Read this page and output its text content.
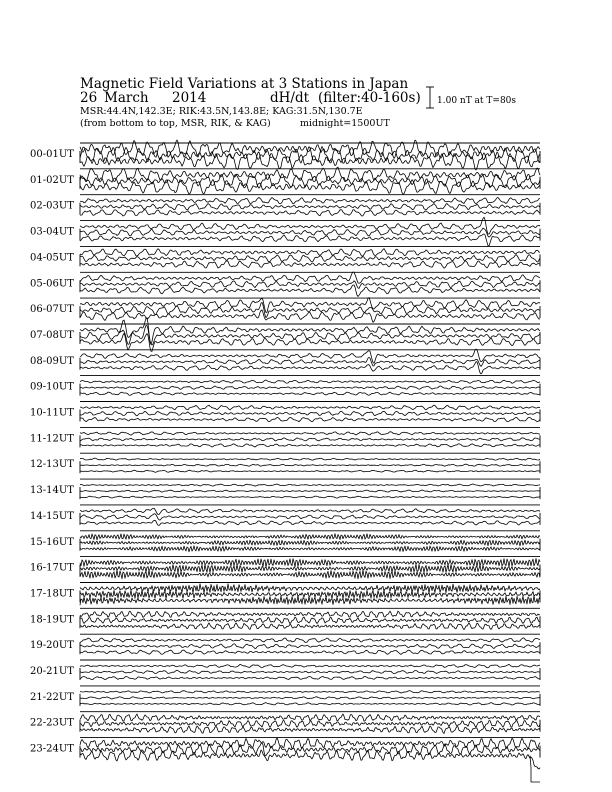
Magnetic Field Variations at 3 Stations in Japan
26 March 2014	dH/dt (filter:40-160s)
MSR:44.4N,142.3E; RIK:43.5N,143.8E; KAG:31.5N,130.7E
(from bottom to top, MSR, RIK, & KAG)	midnight=1500UT
1.00 nT at T=80s
00-01UT
01-02UT
02-03UT
03-04UT
04-05UT
05-06UT
06-07UT
07-08UT
08-09UT
09-10UT
10-11UT
11-12UT
12-13UT
13-14UT
14-15UT
15-16UT
16-17UT
17-18UT
18-19UT
19-20UT
20-21UT
21-22UT
22-23UT
23-24UT
